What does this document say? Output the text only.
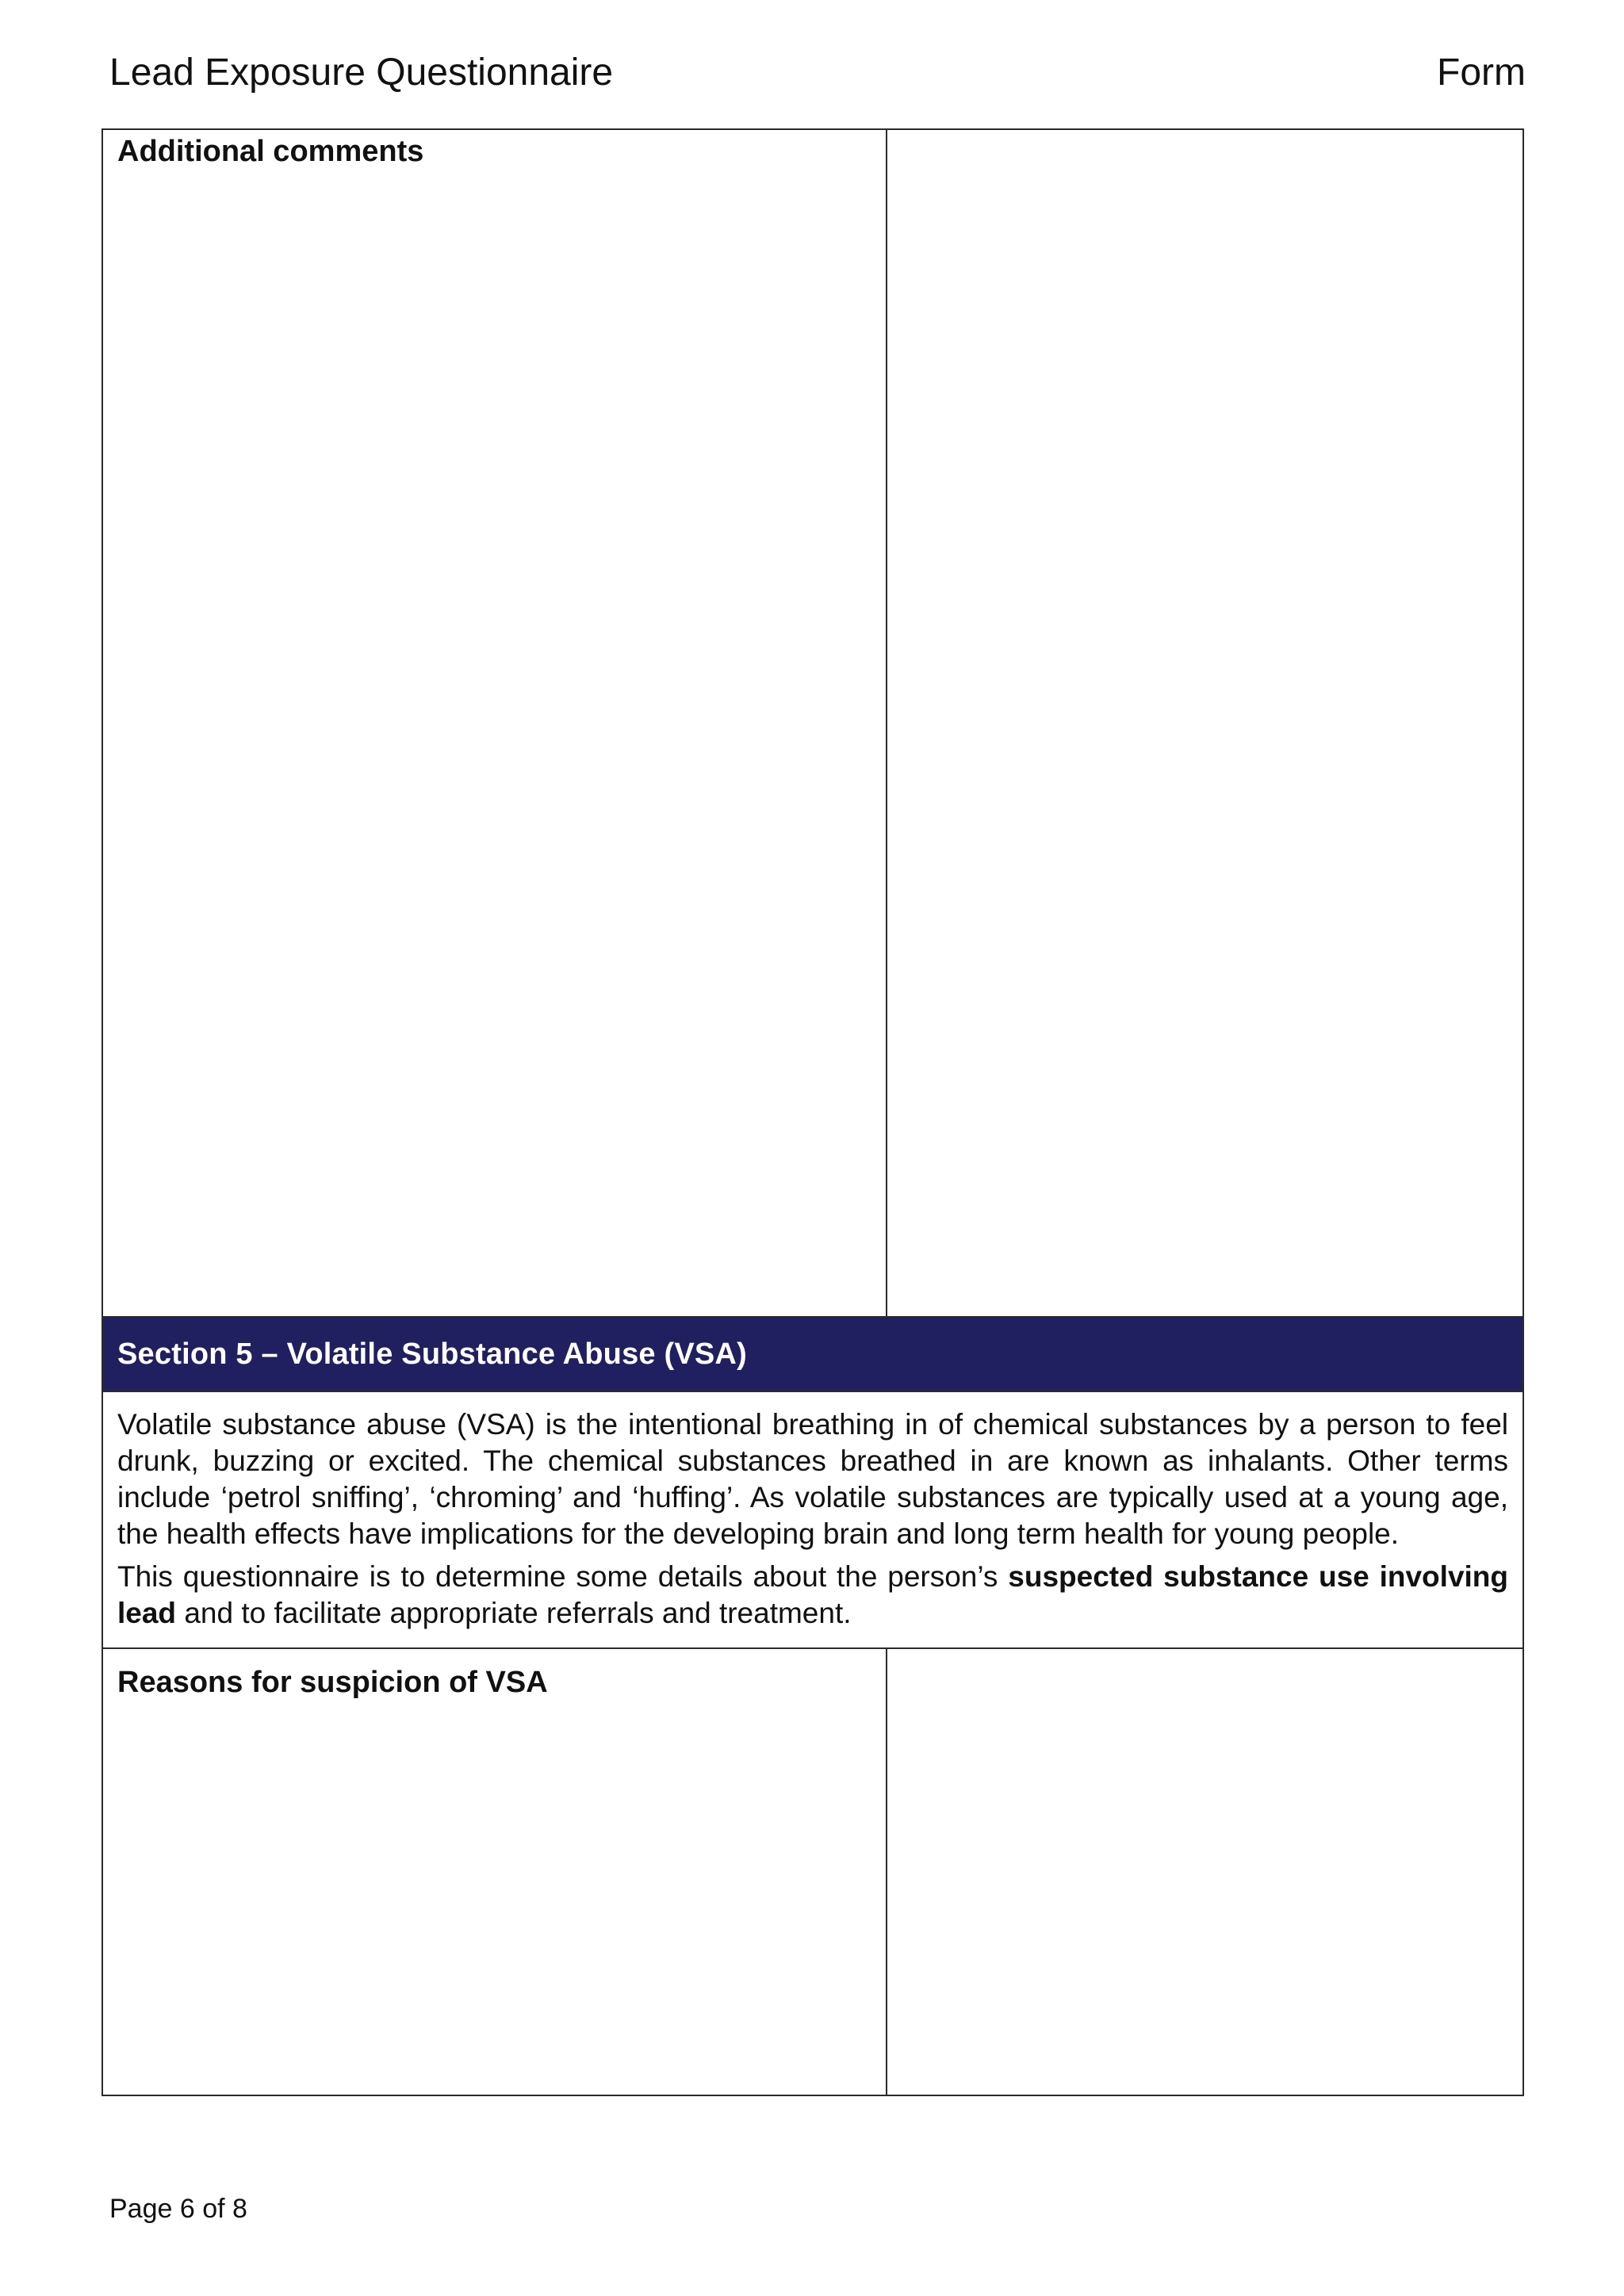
Lead Exposure Questionnaire	Form
Additional comments	

Section 5 – Volatile Substance Abuse (VSA)	

Volatile substance abuse (VSA) is the intentional breathing in of chemical substances by a person to feel drunk, buzzing or excited. The chemical substances breathed in are known as inhalants. Other terms include ‘petrol sniffing’, ‘chroming’ and ‘huffing’. As volatile substances are typically used at a young age, the health effects have implications for the developing brain and long term health for young people.

This questionnaire is to determine some details about the person’s suspected substance use involving lead and to facilitate appropriate referrals and treatment.	

Reasons for suspicion of VSA	

Page 6 of 8
